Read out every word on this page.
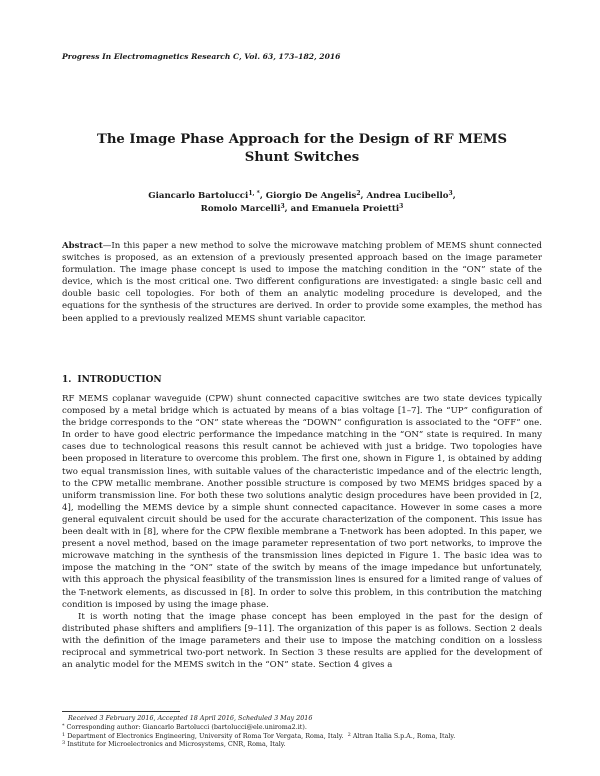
Progress In Electromagnetics Research C, Vol. 63, 173–182, 2016
The Image Phase Approach for the Design of RF MEMS
Shunt Switches
Giancarlo Bartolucci$^{1, *}$, Giorgio De Angelis$^2$, Andrea Lucibello$^3$,
Romolo Marcelli$^3$, and Emanuela Proietti$^3$
Abstract—In this paper a new method to solve the microwave matching problem of MEMS shunt connected switches is proposed, as an extension of a previously presented approach based on the image parameter formulation. The image phase concept is used to impose the matching condition in the “ON” state of the device, which is the most critical one. Two different configurations are investigated: a single basic cell and double basic cell topologies. For both of them an analytic modeling procedure is developed, and the equations for the synthesis of the structures are derived. In order to provide some examples, the method has been applied to a previously realized MEMS shunt variable capacitor.
1. INTRODUCTION

RF MEMS coplanar waveguide (CPW) shunt connected capacitive switches are two state devices typically composed by a metal bridge which is actuated by means of a bias voltage [1–7]. The “UP” configuration of the bridge corresponds to the “ON” state whereas the “DOWN” configuration is associated to the “OFF” one. In order to have good electric performance the impedance matching in the “ON” state is required. In many cases due to technological reasons this result cannot be achieved with just a bridge. Two topologies have been proposed in literature to overcome this problem. The first one, shown in Figure 1, is obtained by adding two equal transmission lines, with suitable values of the characteristic impedance and of the electric length, to the CPW metallic membrane. Another possible structure is composed by two MEMS bridges spaced by a uniform transmission line. For both these two solutions analytic design procedures have been provided in [2, 4], modelling the MEMS device by a simple shunt connected capacitance. However in some cases a more general equivalent circuit should be used for the accurate characterization of the component. This issue has been dealt with in [8], where for the CPW flexible membrane a T-network has been adopted. In this paper, we present a novel method, based on the image parameter representation of two port networks, to improve the microwave matching in the synthesis of the transmission lines depicted in Figure 1. The basic idea was to impose the matching in the “ON” state of the switch by means of the image impedance but unfortunately, with this approach the physical feasibility of the transmission lines is ensured for a limited range of values of the T-network elements, as discussed in [8]. In order to solve this problem, in this contribution the matching condition is imposed by using the image phase.

It is worth noting that the image phase concept has been employed in the past for the design of distributed phase shifters and amplifiers [9–11]. The organization of this paper is as follows. Section 2 deals with the definition of the image parameters and their use to impose the matching condition on a lossless reciprocal and symmetrical two-port network. In Section 3 these results are applied for the development of an analytic model for the MEMS switch in the “ON” state. Section 4 gives a

Received 3 February 2016, Accepted 18 April 2016, Scheduled 3 May 2016
* Corresponding author: Giancarlo Bartolucci (bartolucci@ele.uniroma2.it).
$^1$ Department of Electronics Engineering, University of Roma Tor Vergata, Roma, Italy. $^2$ Altran Italia S.p.A., Roma, Italy.
$^3$ Institute for Microelectronics and Microsystems, CNR, Roma, Italy.
